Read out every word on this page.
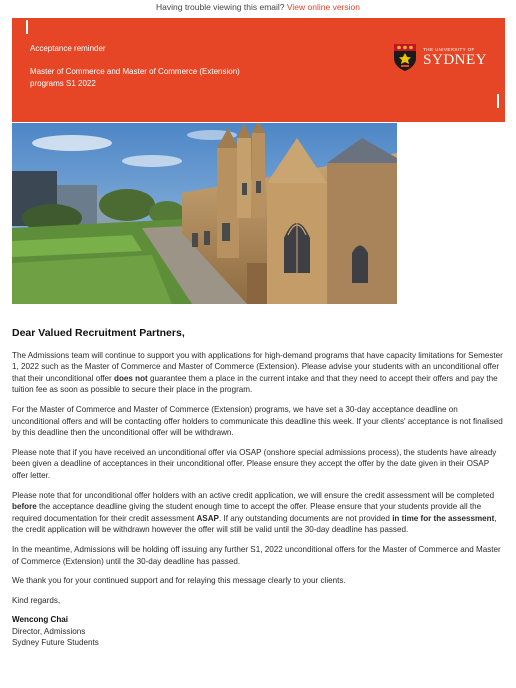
Having trouble viewing this email? View online version
Acceptance reminder
Master of Commerce and Master of Commerce (Extension) programs S1 2022
THE UNIVERSITY OF
SYDNEY
Dear Valued Recruitment Partners,

The Admissions team will continue to support you with applications for high-demand programs that have capacity limitations for Semester 1, 2022 such as the Master of Commerce and Master of Commerce (Extension). Please advise your students with an unconditional offer that their unconditional offer does not guarantee them a place in the current intake and that they need to accept their offers and pay the tuition fee as soon as possible to secure their place in the program.

For the Master of Commerce and Master of Commerce (Extension) programs, we have set a 30-day acceptance deadline on unconditional offers and will be contacting offer holders to communicate this deadline this week. If your clients' acceptance is not finalised by this deadline then the unconditional offer will be withdrawn.

Please note that if you have received an unconditional offer via OSAP (onshore special admissions process), the students have already been given a deadline of acceptances in their unconditional offer. Please ensure they accept the offer by the date given in their OSAP offer letter.

Please note that for unconditional offer holders with an active credit application, we will ensure the credit assessment will be completed before the acceptance deadline giving the student enough time to accept the offer. Please ensure that your students provide all the required documentation for their credit assessment ASAP. If any outstanding documents are not provided in time for the assessment, the credit application will be withdrawn however the offer will still be valid until the 30-day deadline has passed.

In the meantime, Admissions will be holding off issuing any further S1, 2022 unconditional offers for the Master of Commerce and Master of Commerce (Extension) until the 30-day deadline has passed.

We thank you for your continued support and for relaying this message clearly to your clients.

Kind regards,

Wencong Chai
Director, Admissions
Sydney Future Students
